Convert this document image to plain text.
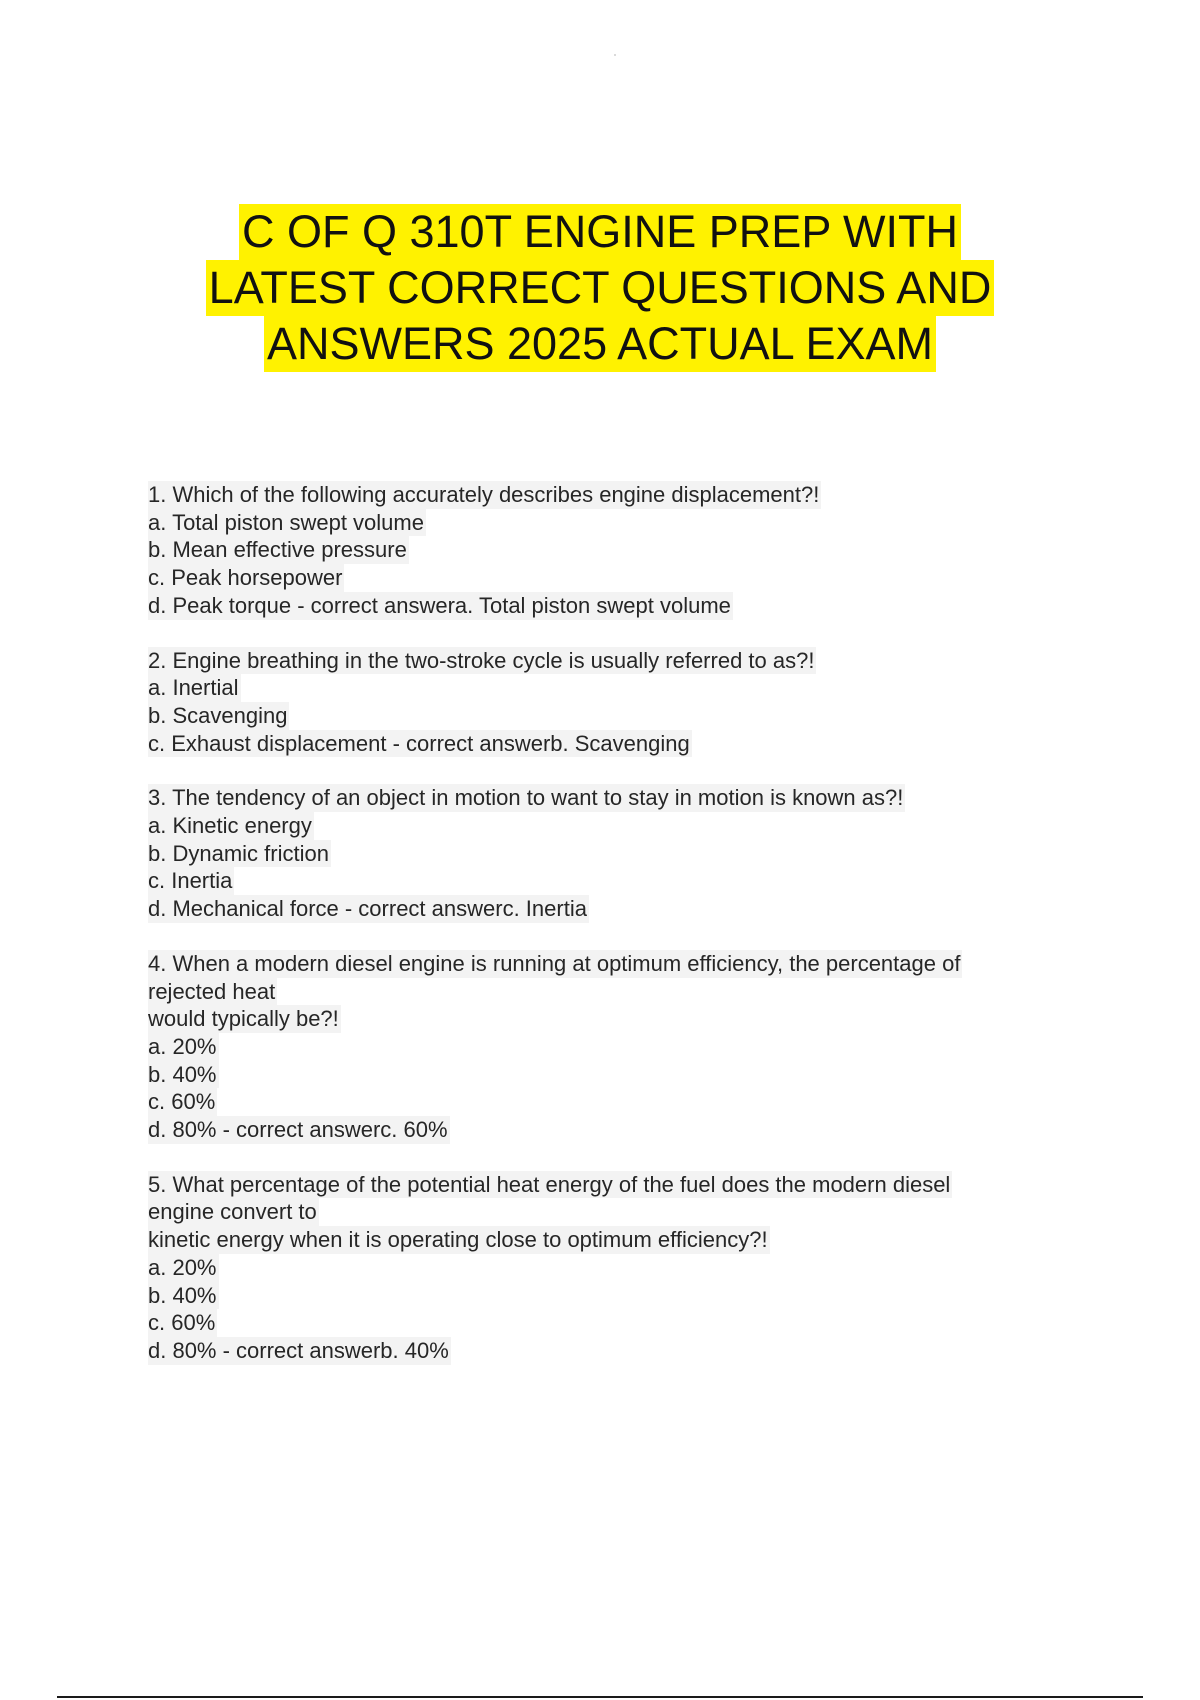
C OF Q 310T ENGINE PREP WITH
LATEST CORRECT QUESTIONS AND
ANSWERS 2025 ACTUAL EXAM
1. Which of the following accurately describes engine displacement?!
a. Total piston swept volume
b. Mean effective pressure
c. Peak horsepower
d. Peak torque - correct answera. Total piston swept volume
2. Engine breathing in the two-stroke cycle is usually referred to as?!
a. Inertial
b. Scavenging
c. Exhaust displacement - correct answerb. Scavenging
3. The tendency of an object in motion to want to stay in motion is known as?!
a. Kinetic energy
b. Dynamic friction
c. Inertia
d. Mechanical force - correct answerc. Inertia
4. When a modern diesel engine is running at optimum efficiency, the percentage of
rejected heat
would typically be?!
a. 20%
b. 40%
c. 60%
d. 80% - correct answerc. 60%
5. What percentage of the potential heat energy of the fuel does the modern diesel
engine convert to
kinetic energy when it is operating close to optimum efficiency?!
a. 20%
b. 40%
c. 60%
d. 80% - correct answerb. 40%
